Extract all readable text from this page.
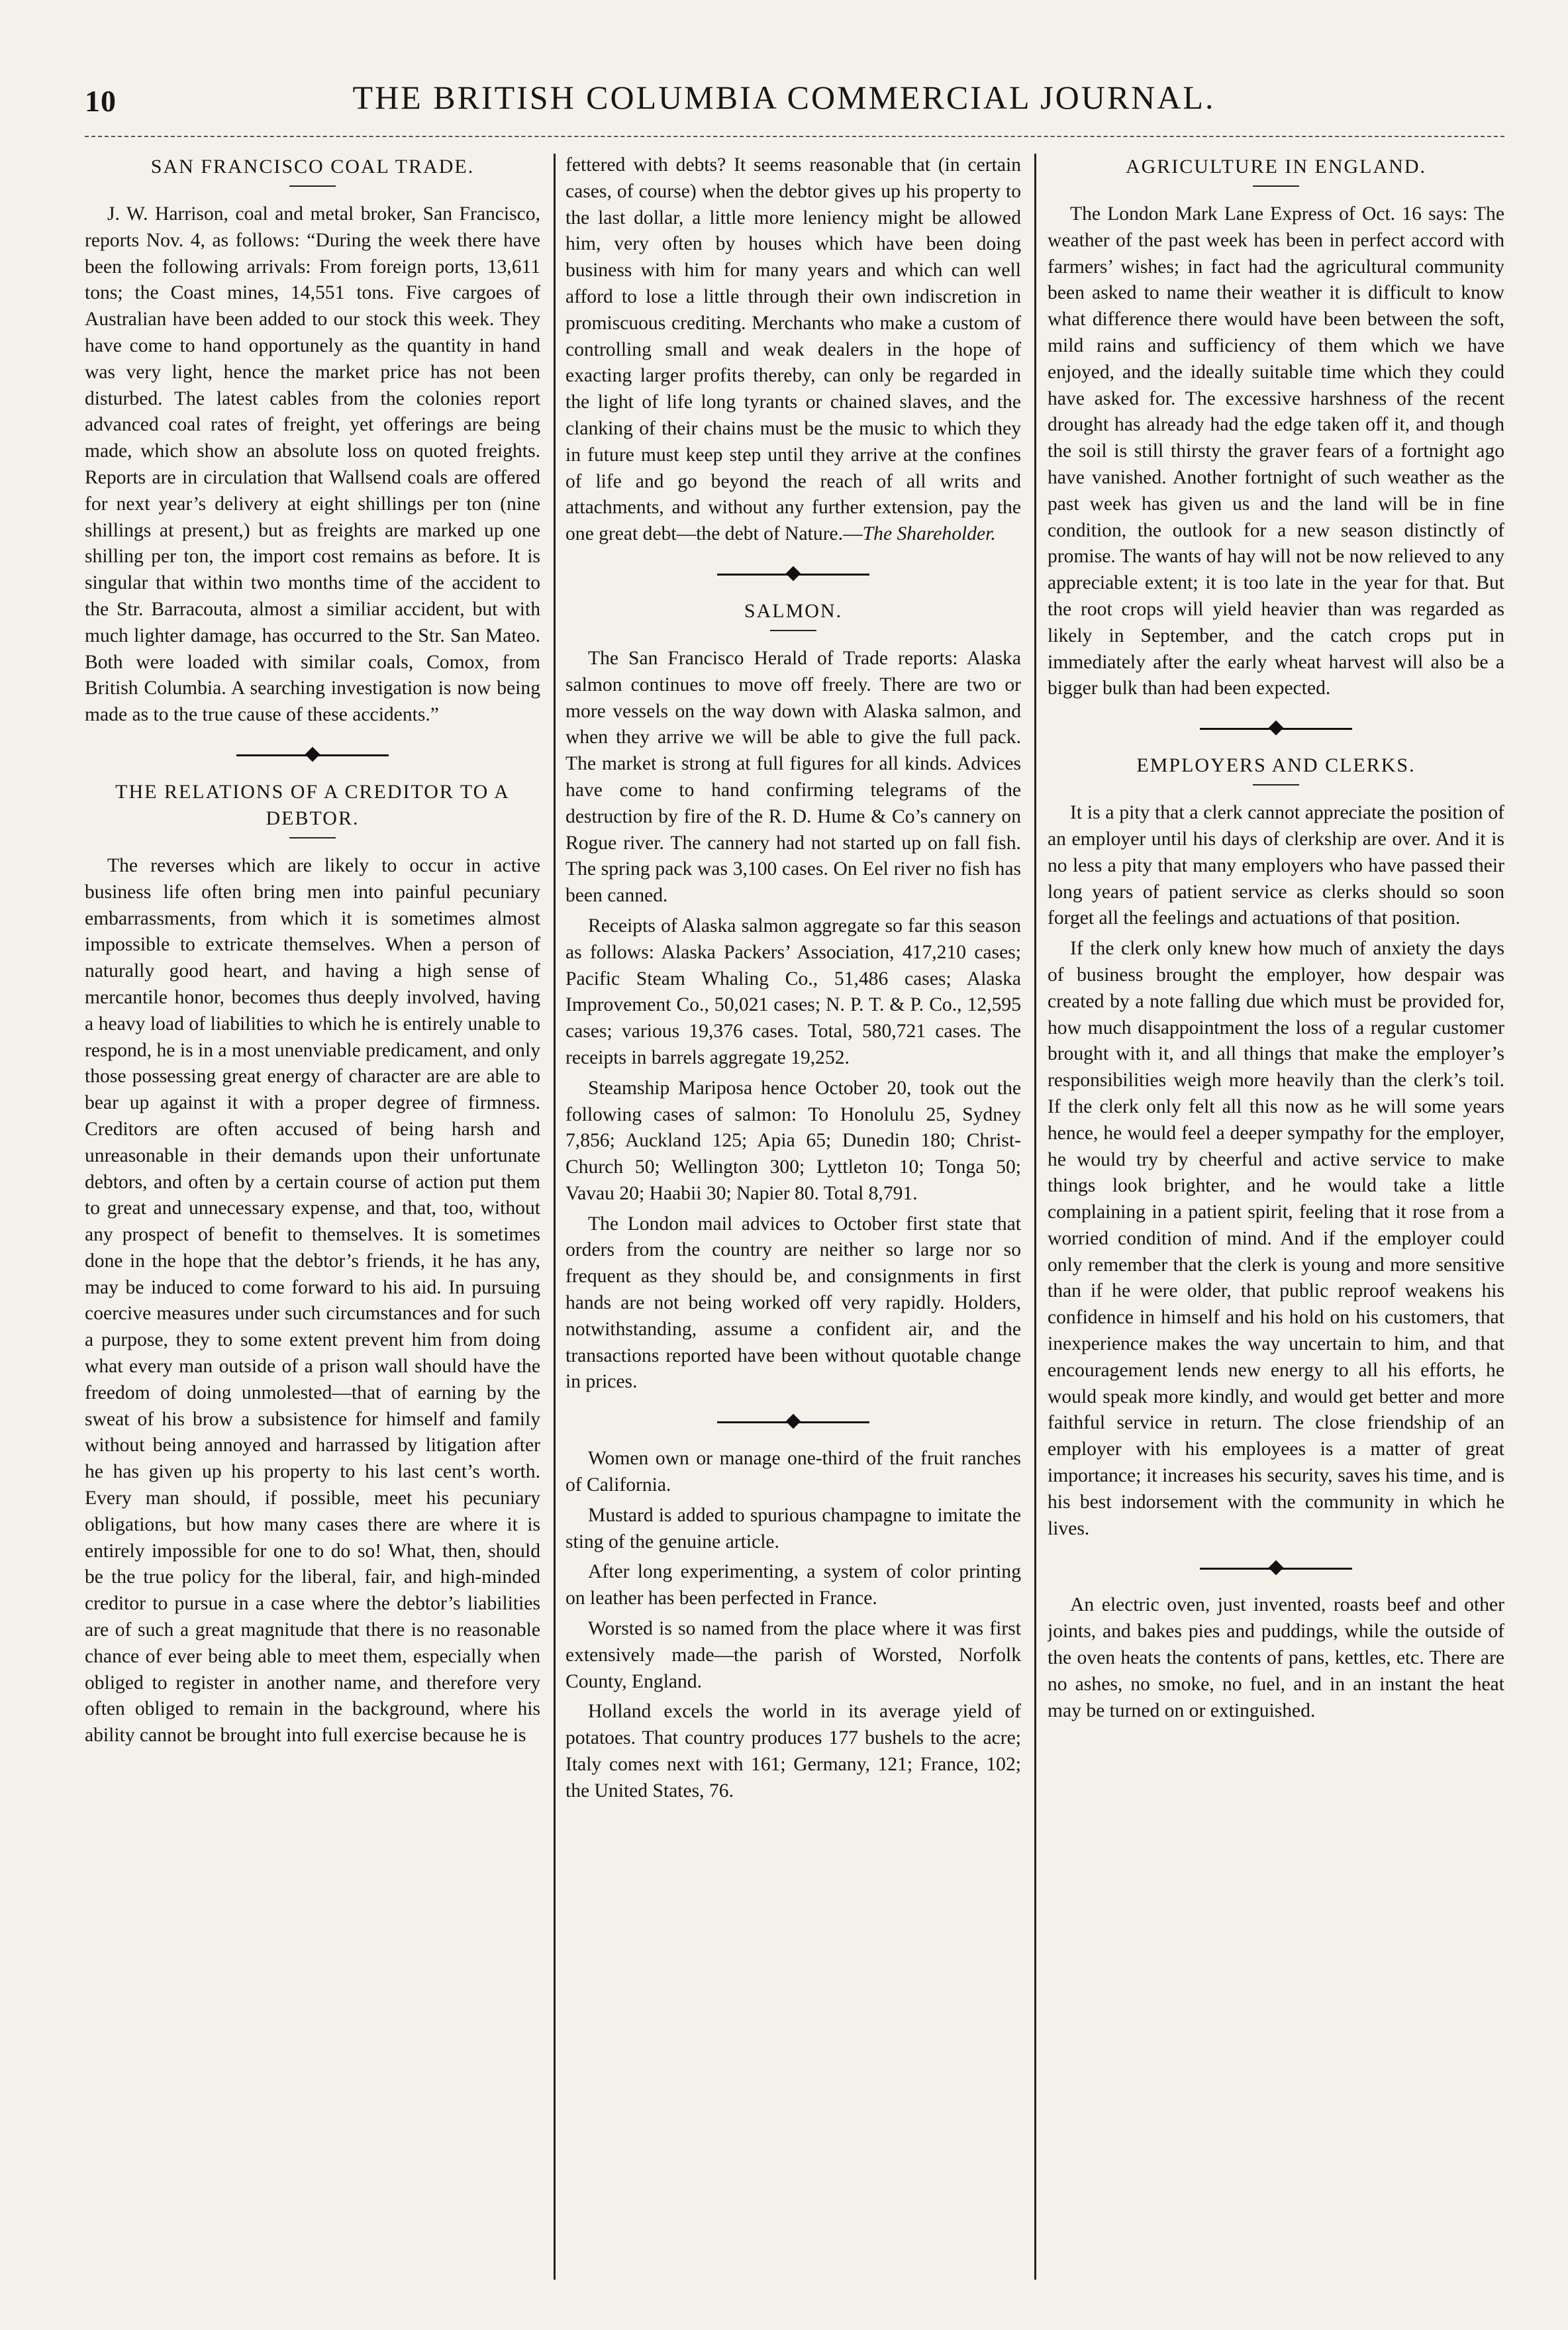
10	THE BRITISH COLUMBIA COMMERCIAL JOURNAL.
SAN FRANCISCO COAL TRADE.

J. W. Harrison, coal and metal broker, San Francisco, reports Nov. 4, as follows: “During the week there have been the following arrivals: From foreign ports, 13,611 tons; the Coast mines, 14,551 tons. Five cargoes of Australian have been added to our stock this week. They have come to hand opportunely as the quantity in hand was very light, hence the market price has not been disturbed. The latest cables from the colonies report advanced coal rates of freight, yet offerings are being made, which show an absolute loss on quoted freights. Reports are in circulation that Wallsend coals are offered for next year’s delivery at eight shillings per ton (nine shillings at present,) but as freights are marked up one shilling per ton, the import cost remains as before. It is singular that within two months time of the accident to the Str. Barracouta, almost a similiar accident, but with much lighter damage, has occurred to the Str. San Mateo. Both were loaded with similar coals, Comox, from British Columbia. A searching investigation is now being made as to the true cause of these accidents.”

THE RELATIONS OF A CREDITOR TO A DEBTOR.

The reverses which are likely to occur in active business life often bring men into painful pecuniary embarrassments, from which it is sometimes almost impossible to extricate themselves. When a person of naturally good heart, and having a high sense of mercantile honor, becomes thus deeply involved, having a heavy load of liabilities to which he is entirely unable to respond, he is in a most unenviable predicament, and only those possessing great energy of character are are able to bear up against it with a proper degree of firmness. Creditors are often accused of being harsh and unreasonable in their demands upon their unfortunate debtors, and often by a certain course of action put them to great and unnecessary expense, and that, too, without any prospect of benefit to themselves. It is sometimes done in the hope that the debtor’s friends, it he has any, may be induced to come forward to his aid. In pursuing coercive measures under such circumstances and for such a purpose, they to some extent prevent him from doing what every man outside of a prison wall should have the freedom of doing unmolested—that of earning by the sweat of his brow a subsistence for himself and family without being annoyed and harrassed by litigation after he has given up his property to his last cent’s worth. Every man should, if possible, meet his pecuniary obligations, but how many cases there are where it is entirely impossible for one to do so! What, then, should be the true policy for the liberal, fair, and high-minded creditor to pursue in a case where the debtor’s liabilities are of such a great magnitude that there is no reasonable chance of ever being able to meet them, especially when obliged to register in another name, and therefore very often obliged to remain in the background, where his ability cannot be brought into full exercise because he is

fettered with debts? It seems reasonable that (in certain cases, of course) when the debtor gives up his property to the last dollar, a little more leniency might be allowed him, very often by houses which have been doing business with him for many years and which can well afford to lose a little through their own indiscretion in promiscuous crediting. Merchants who make a custom of controlling small and weak dealers in the hope of exacting larger profits thereby, can only be regarded in the light of life long tyrants or chained slaves, and the clanking of their chains must be the music to which they in future must keep step until they arrive at the confines of life and go beyond the reach of all writs and attachments, and without any further extension, pay the one great debt—the debt of Nature.—The Shareholder.

SALMON.

The San Francisco Herald of Trade reports: Alaska salmon continues to move off freely. There are two or more vessels on the way down with Alaska salmon, and when they arrive we will be able to give the full pack. The market is strong at full figures for all kinds. Advices have come to hand confirming telegrams of the destruction by fire of the R. D. Hume & Co’s cannery on Rogue river. The cannery had not started up on fall fish. The spring pack was 3,100 cases. On Eel river no fish has been canned.

Receipts of Alaska salmon aggregate so far this season as follows: Alaska Packers’ Association, 417,210 cases; Pacific Steam Whaling Co., 51,486 cases; Alaska Improvement Co., 50,021 cases; N. P. T. & P. Co., 12,595 cases; various 19,376 cases. Total, 580,721 cases. The receipts in barrels aggregate 19,252.

Steamship Mariposa hence October 20, took out the following cases of salmon: To Honolulu 25, Sydney 7,856; Auckland 125; Apia 65; Dunedin 180; Christ-Church 50; Wellington 300; Lyttleton 10; Tonga 50; Vavau 20; Haabii 30; Napier 80. Total 8,791.

The London mail advices to October first state that orders from the country are neither so large nor so frequent as they should be, and consignments in first hands are not being worked off very rapidly. Holders, notwithstanding, assume a confident air, and the transactions reported have been without quotable change in prices.

Women own or manage one-third of the fruit ranches of California.

Mustard is added to spurious champagne to imitate the sting of the genuine article.

After long experimenting, a system of color printing on leather has been perfected in France.

Worsted is so named from the place where it was first extensively made—the parish of Worsted, Norfolk County, England.

Holland excels the world in its average yield of potatoes. That country produces 177 bushels to the acre; Italy comes next with 161; Germany, 121; France, 102; the United States, 76.

AGRICULTURE IN ENGLAND.

The London Mark Lane Express of Oct. 16 says: The weather of the past week has been in perfect accord with farmers’ wishes; in fact had the agricultural community been asked to name their weather it is difficult to know what difference there would have been between the soft, mild rains and sufficiency of them which we have enjoyed, and the ideally suitable time which they could have asked for. The excessive harshness of the recent drought has already had the edge taken off it, and though the soil is still thirsty the graver fears of a fortnight ago have vanished. Another fortnight of such weather as the past week has given us and the land will be in fine condition, the outlook for a new season distinctly of promise. The wants of hay will not be now relieved to any appreciable extent; it is too late in the year for that. But the root crops will yield heavier than was regarded as likely in September, and the catch crops put in immediately after the early wheat harvest will also be a bigger bulk than had been expected.

EMPLOYERS AND CLERKS.

It is a pity that a clerk cannot appreciate the position of an employer until his days of clerkship are over. And it is no less a pity that many employers who have passed their long years of patient service as clerks should so soon forget all the feelings and actuations of that position.

If the clerk only knew how much of anxiety the days of business brought the employer, how despair was created by a note falling due which must be provided for, how much disappointment the loss of a regular customer brought with it, and all things that make the employer’s responsibilities weigh more heavily than the clerk’s toil. If the clerk only felt all this now as he will some years hence, he would feel a deeper sympathy for the employer, he would try by cheerful and active service to make things look brighter, and he would take a little complaining in a patient spirit, feeling that it rose from a worried condition of mind. And if the employer could only remember that the clerk is young and more sensitive than if he were older, that public reproof weakens his confidence in himself and his hold on his customers, that inexperience makes the way uncertain to him, and that encouragement lends new energy to all his efforts, he would speak more kindly, and would get better and more faithful service in return. The close friendship of an employer with his employees is a matter of great importance; it increases his security, saves his time, and is his best indorsement with the community in which he lives.

An electric oven, just invented, roasts beef and other joints, and bakes pies and puddings, while the outside of the oven heats the contents of pans, kettles, etc. There are no ashes, no smoke, no fuel, and in an instant the heat may be turned on or extinguished.
